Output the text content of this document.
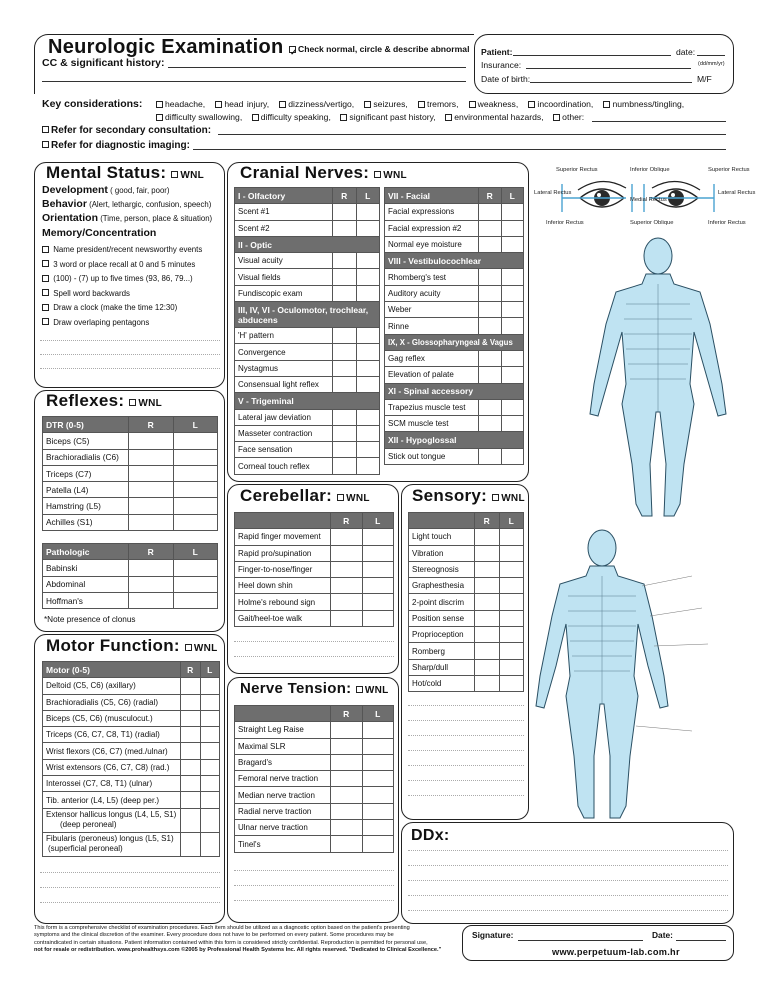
Neurologic Examination ✓Check normal, circle & describe abnormal
CC & significant history:
Patient:	date:
Insurance:	(dd/mm/yr)
Date of birth:	M/F
Key considerations:	headache, head injury, dizziness/vertigo, seizures, tremors, weakness, incoordination, numbness/tingling,
difficulty swallowing, difficulty speaking, significant past history, environmental hazards, other:
Refer for secondary consultation:
Refer for diagnostic imaging:
Mental Status: WNL
Development ( good, fair, poor)
Behavior (Alert, lethargic, confusion, speech)
Orientation (Time, person, place & situation)
Memory/Concentration
Name president/recent newsworthy events
3 word or place recall at 0 and 5 minutes
(100) - (7) up to five times (93, 86, 79...)
Spell word backwards
Draw a clock (make the time 12:30)
Draw overlaping pentagons
Reflexes: WNL
DTR (0-5)	R	L
Biceps (C5)		
Brachioradialis (C6)		
Triceps (C7)		
Patella (L4)		
Hamstring (L5)		
Achilles (S1)		
Pathologic	R	L
Babinski		
Abdominal		
Hoffman's		
*Note presence of clonus
Motor Function: WNL
Motor (0-5)	R	L
Deltoid (C5, C6) (axillary)		
Brachioradialis (C5, C6) (radial)		
Biceps (C5, C6) (musculocut.)		
Triceps (C6, C7, C8, T1) (radial)		
Wrist flexors (C6, C7) (med./ulnar)		
Wrist extensors (C6, C7, C8) (rad.)		
Interossei (C7, C8, T1) (ulnar)		
Tib. anterior (L4, L5) (deep per.)		
Extensor hallicus longus (L4, L5, S1)
(deep peroneal)		
Fibularis (peroneus) longus (L5, S1)
(superficial peroneal)		
Cranial Nerves: WNL
I - Olfactory	R	L
Scent #1		
Scent #2		
II - Optic		
Visual acuity		
Visual fields		
Fundiscopic exam		
III, IV, VI - Oculomotor, trochlear,
abducens		
'H' pattern		
Convergence		
Nystagmus		
Consensual light reflex		
V - Trigeminal		
Lateral jaw deviation		
Masseter contraction		
Face sensation		
Corneal touch reflex		
VII - Facial	R	L
Facial expressions		
Facial expression #2		
Normal eye moisture		
VIII - Vestibulocochlear		
Rhomberg's test		
Auditory acuity		
Weber		
Rinne		
IX, X - Glossopharyngeal & Vagus		
Gag reflex		
Elevation of palate		
XI - Spinal accessory		
Trapezius muscle test		
SCM muscle test		
XII - Hypoglossal		
Stick out tongue		
Cerebellar: WNL
	R	L
Rapid finger movement		
Rapid pro/supination		
Finger-to-nose/finger		
Heel down shin		
Holme's rebound sign		
Gait/heel-toe walk		
Sensory: WNL
	R	L
Light touch		
Vibration		
Stereognosis		
Graphesthesia		
2-point discrim		
Position sense		
Proprioception		
Romberg		
Sharp/dull		
Hot/cold		
Nerve Tension: WNL
	R	L
Straight Leg Raise		
Maximal SLR		
Bragard's		
Femoral nerve traction		
Median nerve traction		
Radial nerve traction		
Ulnar nerve traction		
Tinel's		
DDx:
Superior Rectus	Inferior Oblique	Superior Rectus
Lateral Rectus
Medial Rectus
Lateral Rectus
Inferior Rectus	Superior Oblique	Inferior Rectus
This form is a comprehensive checklist of examination procedures. Each item should be utilized as a diagnostic option based on the patient's presenting
symptoms and the clinical discretion of the examiner. Every procedure does not have to be performed on every patient. Some procedures may be
contraindicated in certain situations. Patient information contained within this form is considered strictly confidential. Reproduction is permitted for personal use,
not for resale or redistribution. www.prohealthsys.com ©2005 by Professional Health Systems Inc. All rights reserved. "Dedicated to Clinical Excellence."
Signature:	Date:
www.perpetuum-lab.com.hr
